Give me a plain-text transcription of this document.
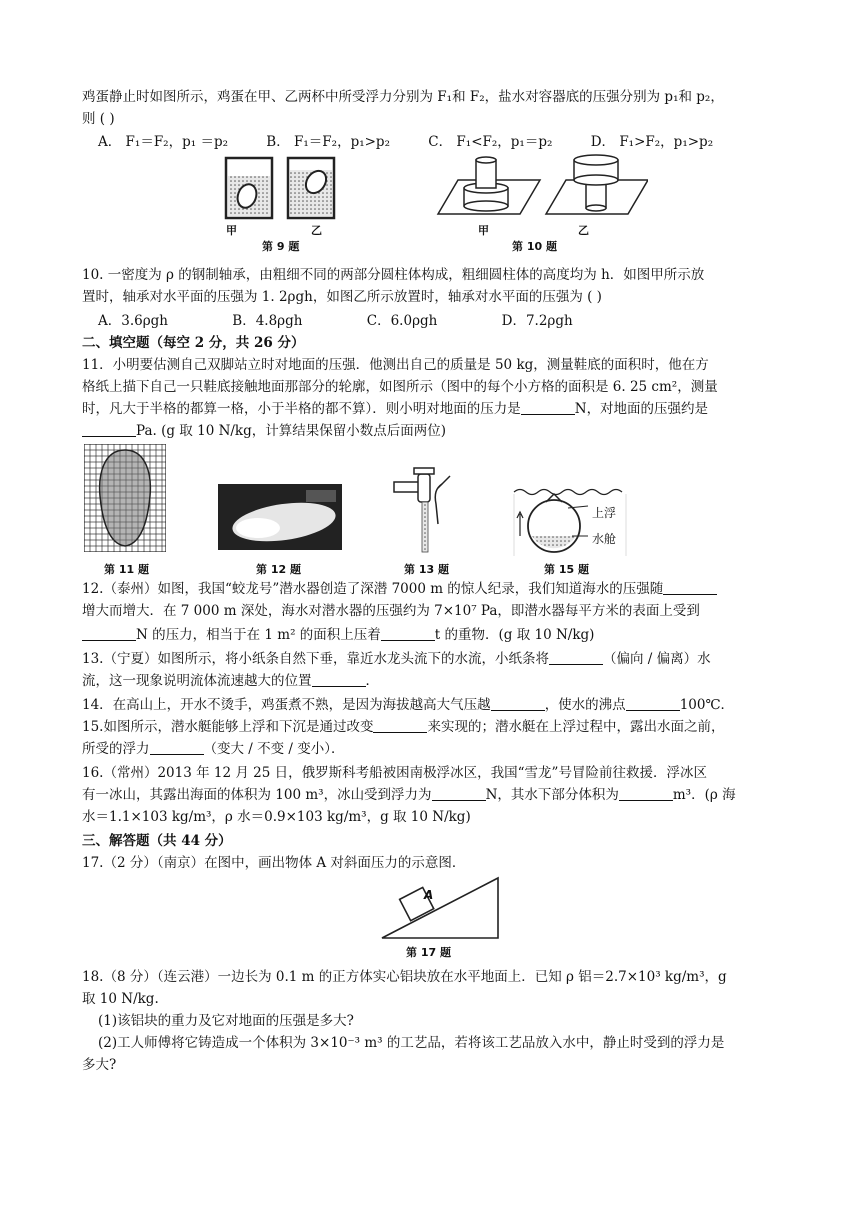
鸡蛋静止时如图所示，鸡蛋在甲、乙两杯中所受浮力分别为 F₁和 F₂，盐水对容器底的压强分别为 p₁和 p₂，
则 ( )
A． F₁＝F₂，p₁ ＝p₂	B． F₁＝F₂，p₁>p₂	C． F₁<F₂，p₁＝p₂	D． F₁>F₂，p₁>p₂
甲	乙
第 9 题
甲	乙
第 10 题
10. 一密度为 ρ 的钢制轴承，由粗细不同的两部分圆柱体构成，粗细圆柱体的高度均为 h．如图甲所示放
置时，轴承对水平面的压强为 1. 2ρgh，如图乙所示放置时，轴承对水平面的压强为 ( )
A．3.6ρgh	B．4.8ρgh	C．6.0ρgh	D．7.2ρgh
二、填空题（每空 2 分，共 26 分）
11．小明要估测自己双脚站立时对地面的压强．他测出自己的质量是 50 kg，测量鞋底的面积时，他在方
格纸上描下自己一只鞋底接触地面那部分的轮廓，如图所示（图中的每个小方格的面积是 6. 25 cm²，测量
时，凡大于半格的都算一格，小于半格的都不算）．则小明对地面的压力是	N，对地面的压强约是
Pa. (g 取 10 N/kg，计算结果保留小数点后面两位)
第 11 题	第 12 题	第 13 题
上浮
水舱
第 15 题
12.（泰州）如图，我国“蛟龙号”潜水器创造了深潜 7000 m 的惊人纪录，我们知道海水的压强随
增大而增大．在 7 000 m 深处，海水对潜水器的压强约为 7×10⁷ Pa，即潜水器每平方米的表面上受到
N 的压力，相当于在 1 m² 的面积上压着	t 的重物．(g 取 10 N/kg)
13.（宁夏）如图所示，将小纸条自然下垂，靠近水龙头流下的水流，小纸条将	（偏向 / 偏离）水
流，这一现象说明流体流速越大的位置	．
14．在高山上，开水不烫手，鸡蛋煮不熟，是因为海拔越高大气压越	，使水的沸点	100℃．
15.如图所示，潜水艇能够上浮和下沉是通过改变	来实现的；潜水艇在上浮过程中，露出水面之前，
所受的浮力	（变大 / 不变 / 变小）．
16.（常州）2013 年 12 月 25 日，俄罗斯科考船被困南极浮冰区，我国“雪龙”号冒险前往救援．浮冰区
有一冰山，其露出海面的体积为 100 m³，冰山受到浮力为	N，其水下部分体积为	m³．(ρ 海
水＝1.1×103 kg/m³，ρ 水＝0.9×103 kg/m³，g 取 10 N/kg)
三、解答题（共 44 分）
17.（2 分）（南京）在图中，画出物体 A 对斜面压力的示意图．
A
第 17 题
18.（8 分）（连云港）一边长为 0.1 m 的正方体实心铝块放在水平地面上．已知 ρ 铝＝2.7×10³ kg/m³，g
取 10 N/kg.
(1)该铝块的重力及它对地面的压强是多大?
(2)工人师傅将它铸造成一个体积为 3×10⁻³ m³ 的工艺品，若将该工艺品放入水中，静止时受到的浮力是
多大?
